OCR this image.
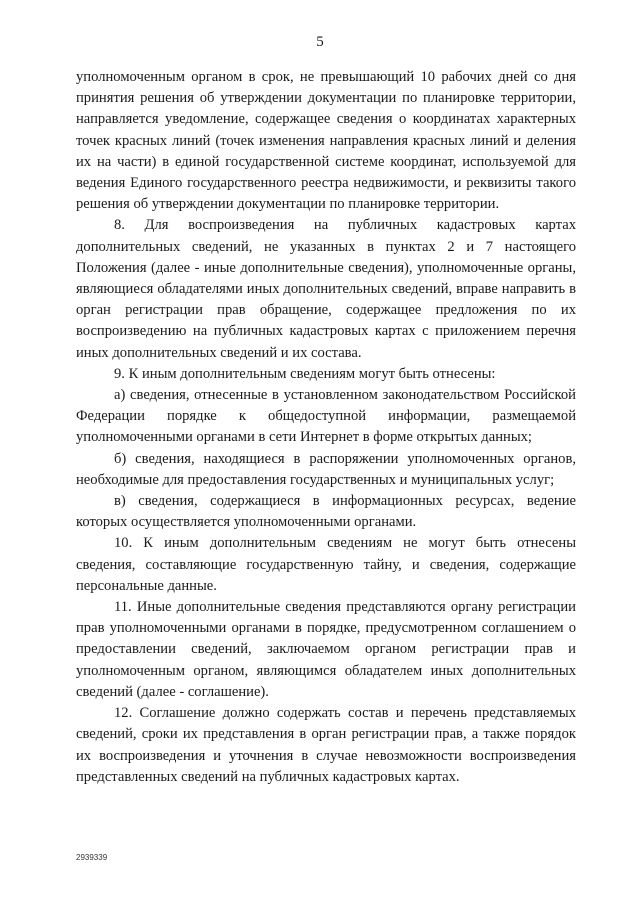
5

уполномоченным органом в срок, не превышающий 10 рабочих дней со дня принятия решения об утверждении документации по планировке территории, направляется уведомление, содержащее сведения о координатах характерных точек красных линий (точек изменения направления красных линий и деления их на части) в единой государственной системе координат, используемой для ведения Единого государственного реестра недвижимости, и реквизиты такого решения об утверждении документации по планировке территории.

8. Для воспроизведения на публичных кадастровых картах дополнительных сведений, не указанных в пунктах 2 и 7 настоящего Положения (далее - иные дополнительные сведения), уполномоченные органы, являющиеся обладателями иных дополнительных сведений, вправе направить в орган регистрации прав обращение, содержащее предложения по их воспроизведению на публичных кадастровых картах с приложением перечня иных дополнительных сведений и их состава.

9. К иным дополнительным сведениям могут быть отнесены:

а) сведения, отнесенные в установленном законодательством Российской Федерации порядке к общедоступной информации, размещаемой уполномоченными органами в сети Интернет в форме открытых данных;

б) сведения, находящиеся в распоряжении уполномоченных органов, необходимые для предоставления государственных и муниципальных услуг;

в) сведения, содержащиеся в информационных ресурсах, ведение которых осуществляется уполномоченными органами.

10. К иным дополнительным сведениям не могут быть отнесены сведения, составляющие государственную тайну, и сведения, содержащие персональные данные.

11. Иные дополнительные сведения представляются органу регистрации прав уполномоченными органами в порядке, предусмотренном соглашением о предоставлении сведений, заключаемом органом регистрации прав и уполномоченным органом, являющимся обладателем иных дополнительных сведений (далее - соглашение).

12. Соглашение должно содержать состав и перечень представляемых сведений, сроки их представления в орган регистрации прав, а также порядок их воспроизведения и уточнения в случае невозможности воспроизведения представленных сведений на публичных кадастровых картах.

2939339
